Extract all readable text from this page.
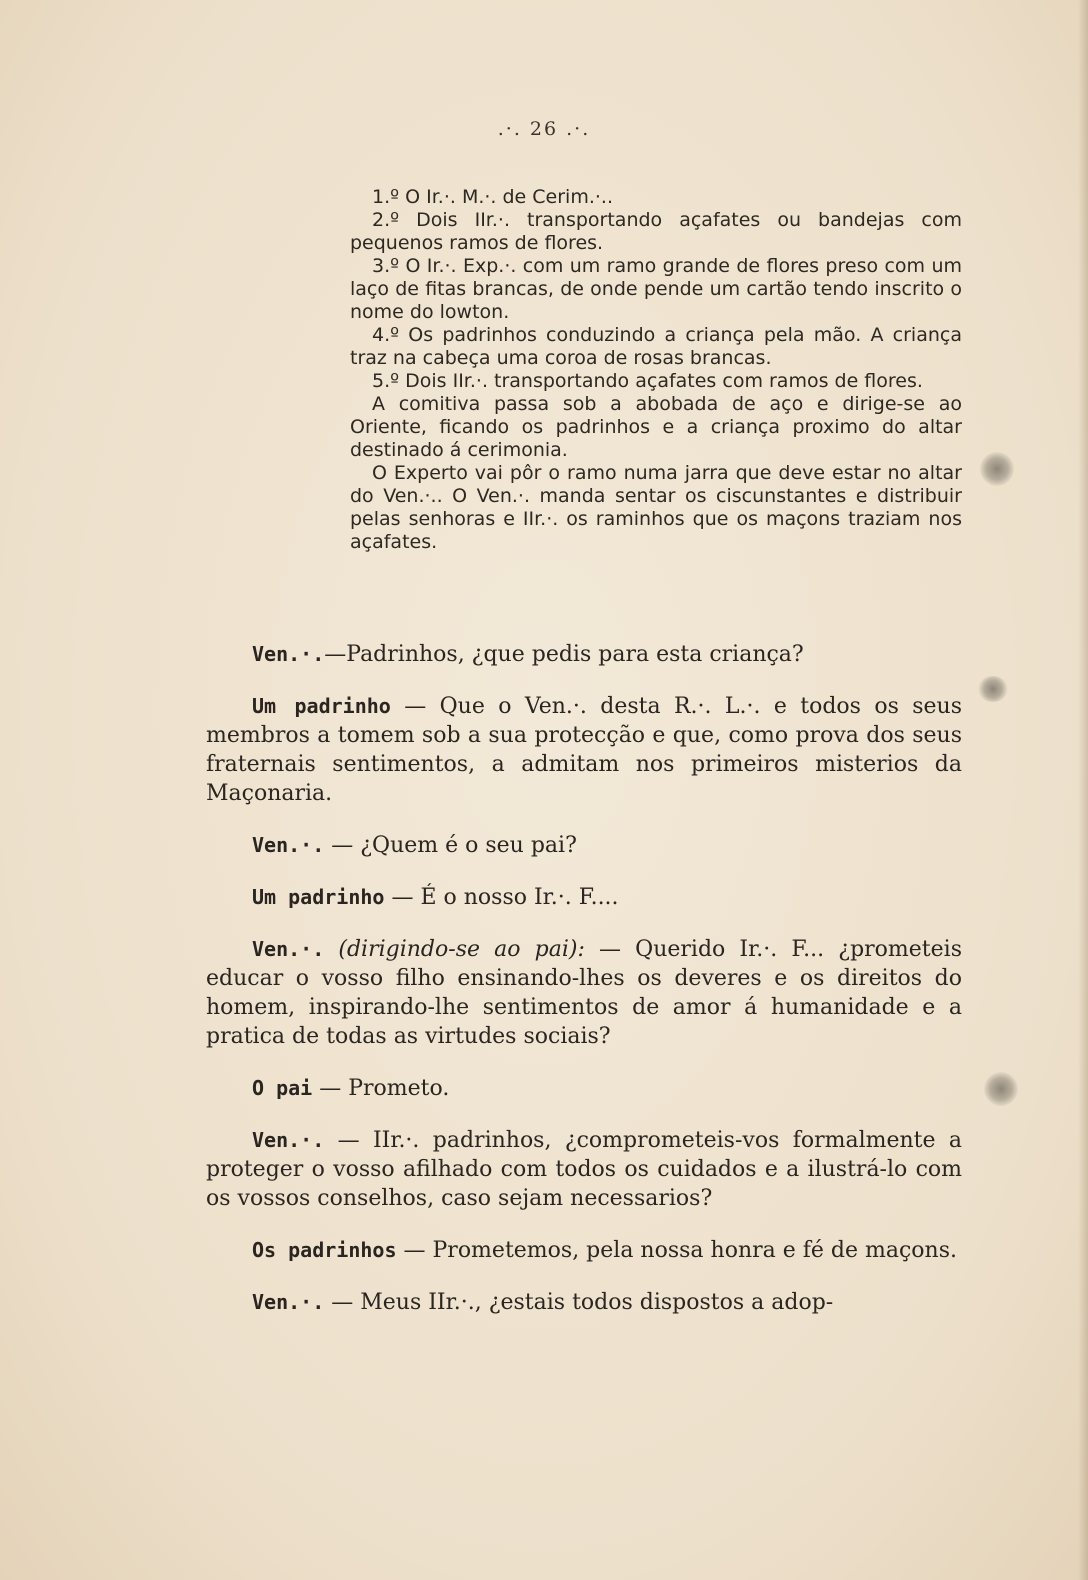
.·. 26 .·.

1.º O Ir.·. M.·. de Cerim.·..

2.º Dois IIr.·. transportando açafates ou bandejas com pequenos ramos de flores.

3.º O Ir.·. Exp.·. com um ramo grande de flores preso com um laço de fitas brancas, de onde pende um cartão tendo inscrito o nome do lowton.

4.º Os padrinhos conduzindo a criança pela mão. A criança traz na cabeça uma coroa de rosas brancas.

5.º Dois IIr.·. transportando açafates com ramos de flores.

A comitiva passa sob a abobada de aço e dirige-se ao Oriente, ficando os padrinhos e a criança proximo do altar destinado á cerimonia.

O Experto vai pôr o ramo numa jarra que deve estar no altar do Ven.·.. O Ven.·. manda sentar os ciscunstantes e distribuir pelas senhoras e IIr.·. os raminhos que os maçons traziam nos açafates.

Ven.·.—Padrinhos, ¿que pedis para esta criança?

Um padrinho — Que o Ven.·. desta R.·. L.·. e todos os seus membros a tomem sob a sua protecção e que, como prova dos seus fraternais sentimentos, a admitam nos primeiros misterios da Maçonaria.

Ven.·. — ¿Quem é o seu pai?

Um padrinho — É o nosso Ir.·. F....

Ven.·. (dirigindo-se ao pai): — Querido Ir.·. F... ¿prometeis educar o vosso filho ensinando-lhes os deveres e os direitos do homem, inspirando-lhe sentimentos de amor á humanidade e a pratica de todas as virtudes sociais?

O pai — Prometo.

Ven.·. — IIr.·. padrinhos, ¿comprometeis-vos formalmente a proteger o vosso afilhado com todos os cuidados e a ilustrá-lo com os vossos conselhos, caso sejam necessarios?

Os padrinhos — Prometemos, pela nossa honra e fé de maçons.

Ven.·. — Meus IIr.·., ¿estais todos dispostos a adop-
